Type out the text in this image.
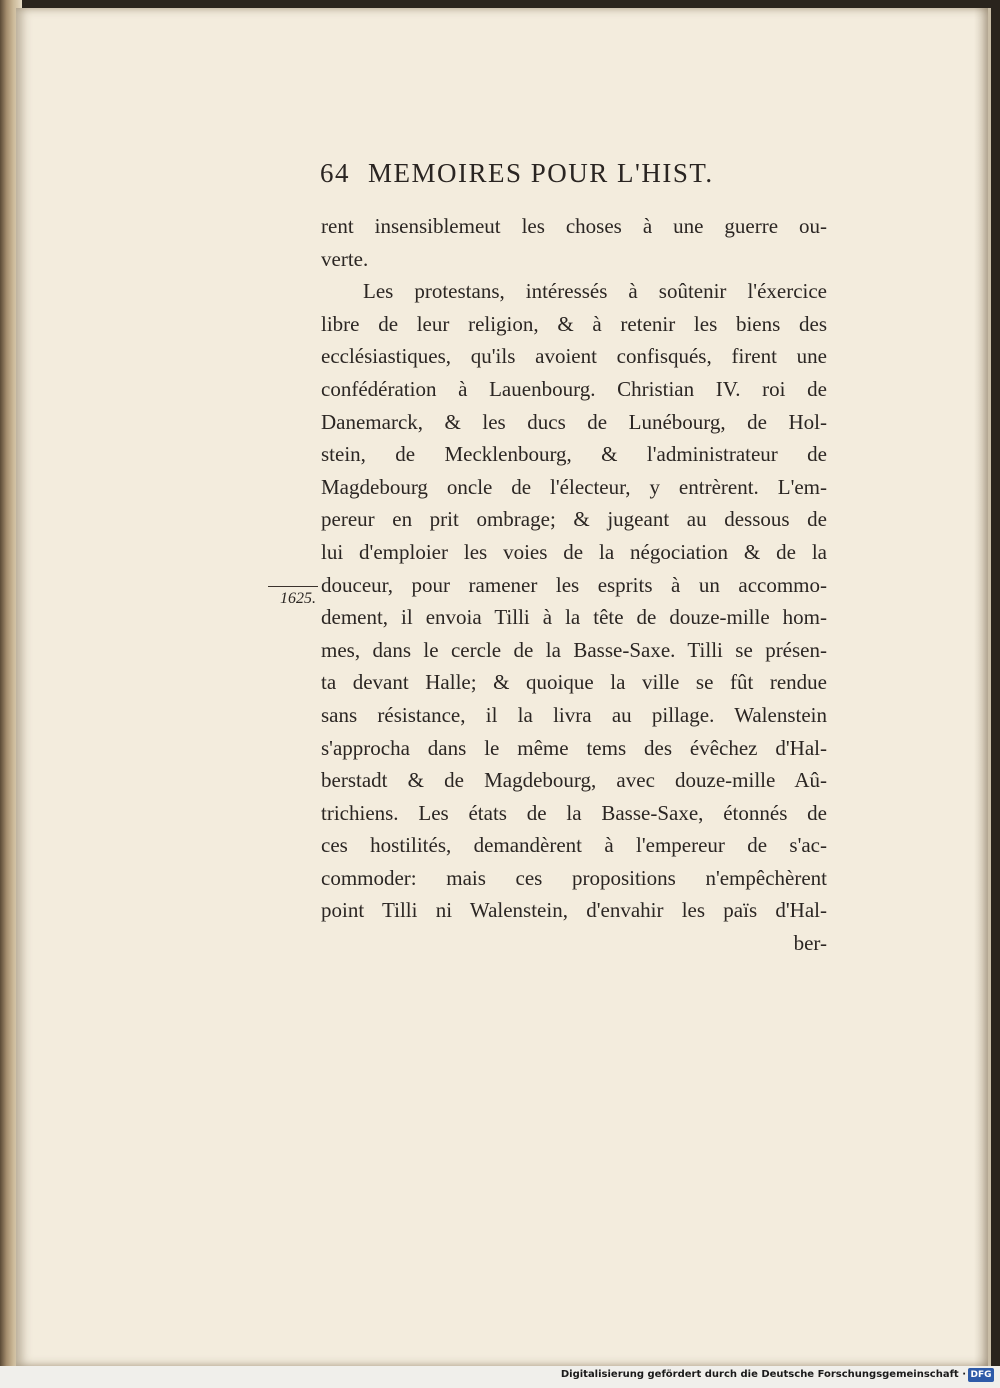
64 MEMOIRES POUR L'HIST.
rent insensiblemeut les choses à une guerre ou-
verte.
Les protestans, intéressés à soûtenir l'éxercice
libre de leur religion, & à retenir les biens des
ecclésiastiques, qu'ils avoient confisqués, firent une
confédération à Lauenbourg. Christian IV. roi de
Danemarck, & les ducs de Lunébourg, de Hol-
stein, de Mecklenbourg, & l'administrateur de
Magdebourg oncle de l'électeur, y entrèrent. L'em-
pereur en prit ombrage; & jugeant au dessous de
lui d'emploier les voies de la négociation & de la
douceur, pour ramener les esprits à un accommo-
dement, il envoia Tilli à la tête de douze-mille hom-
mes, dans le cercle de la Basse-Saxe. Tilli se présen-
ta devant Halle; & quoique la ville se fût rendue
sans résistance, il la livra au pillage. Walenstein
s'approcha dans le même tems des évêchez d'Hal-
berstadt & de Magdebourg, avec douze-mille Aû-
trichiens. Les états de la Basse-Saxe, étonnés de
ces hostilités, demandèrent à l'empereur de s'ac-
commoder: mais ces propositions n'empêchèrent
point Tilli ni Walenstein, d'envahir les païs d'Hal-
ber-
1625.
Digitalisierung gefördert durch die Deutsche Forschungsgemeinschaft · DFG
